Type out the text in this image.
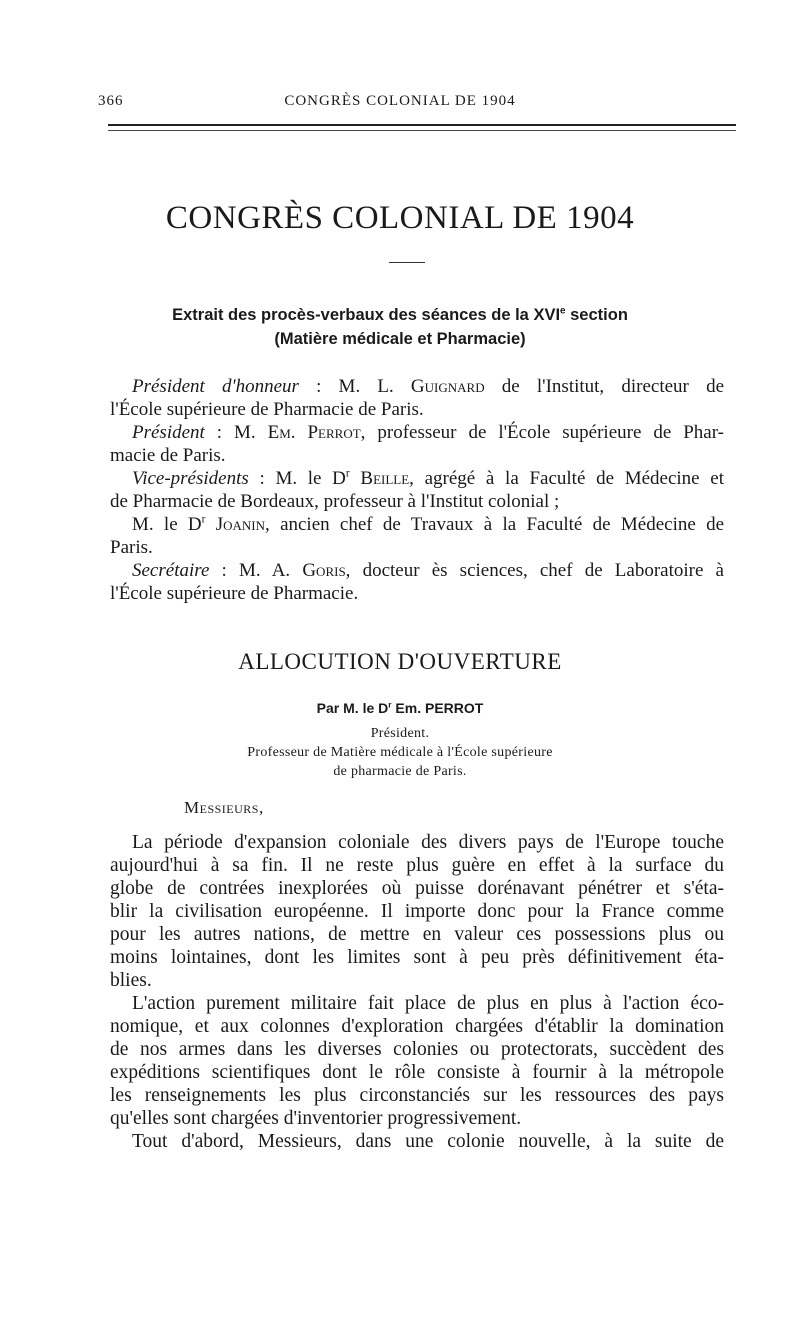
366	CONGRÈS COLONIAL DE 1904
CONGRÈS COLONIAL DE 1904
Extrait des procès-verbaux des séances de la XVIe section
(Matière médicale et Pharmacie)
Président d'honneur : M. L. Guignard de l'Institut, directeur de
l'École supérieure de Pharmacie de Paris.
Président : M. Em. Perrot, professeur de l'École supérieure de Phar-
macie de Paris.
Vice-présidents : M. le $D^r$ Beille, agrégé à la Faculté de Médecine et
de Pharmacie de Bordeaux, professeur à l'Institut colonial ;
M. le $D^r$ Joanin, ancien chef de Travaux à la Faculté de Médecine de
Paris.
Secrétaire : M. A. Goris, docteur ès sciences, chef de Laboratoire à
l'École supérieure de Pharmacie.
ALLOCUTION D'OUVERTURE
Par M. le $D^r$ Em. PERROT
Président.
Professeur de Matière médicale à l'École supérieure
de pharmacie de Paris.
Messieurs,
La période d'expansion coloniale des divers pays de l'Europe touche
aujourd'hui à sa fin. Il ne reste plus guère en effet à la surface du
globe de contrées inexplorées où puisse dorénavant pénétrer et s'éta-
blir la civilisation européenne. Il importe donc pour la France comme
pour les autres nations, de mettre en valeur ces possessions plus ou
moins lointaines, dont les limites sont à peu près définitivement éta-
blies.
L'action purement militaire fait place de plus en plus à l'action éco-
nomique, et aux colonnes d'exploration chargées d'établir la domination
de nos armes dans les diverses colonies ou protectorats, succèdent des
expéditions scientifiques dont le rôle consiste à fournir à la métropole
les renseignements les plus circonstanciés sur les ressources des pays
qu'elles sont chargées d'inventorier progressivement.
Tout d'abord, Messieurs, dans une colonie nouvelle, à la suite de
